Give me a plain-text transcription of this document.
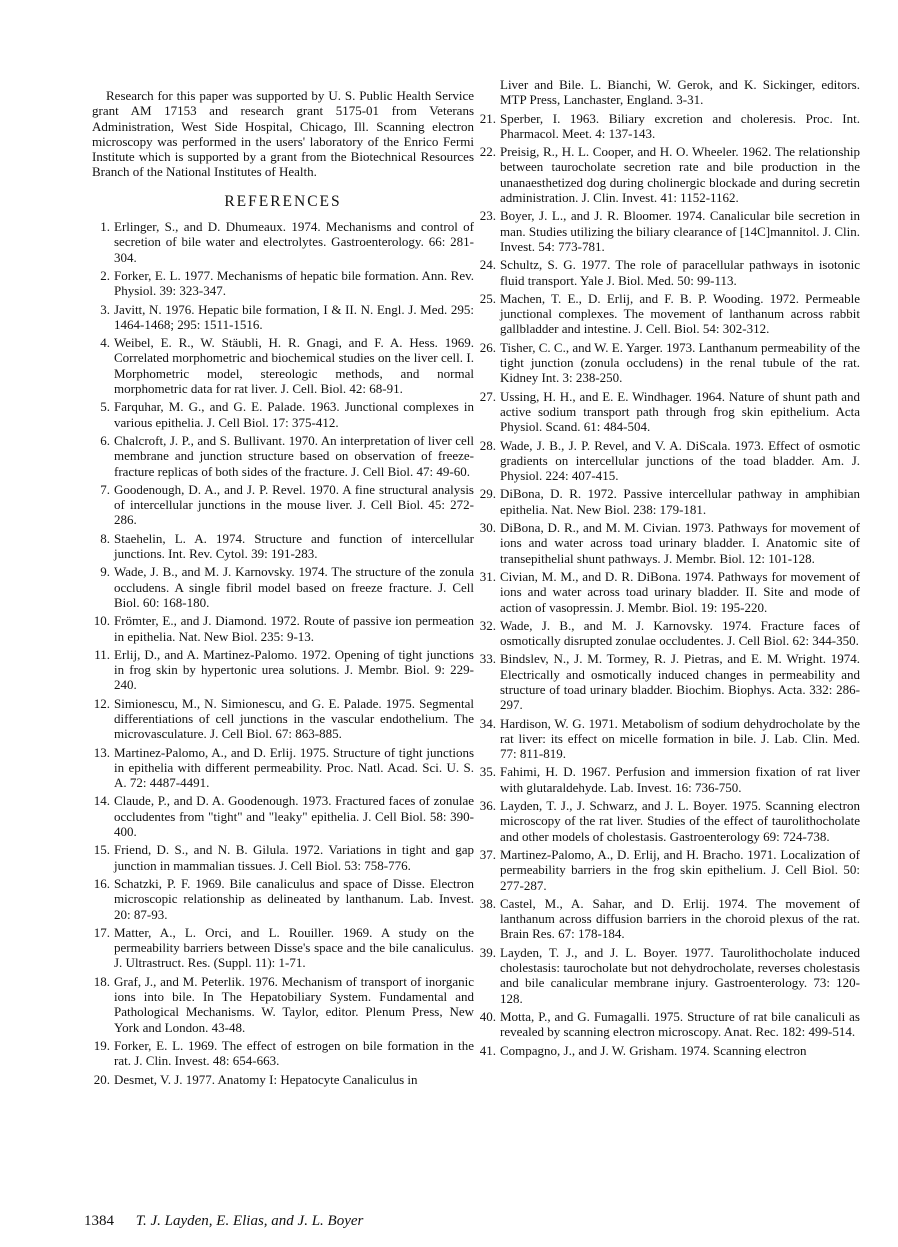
Research for this paper was supported by U. S. Public Health Service grant AM 17153 and research grant 5175-01 from Veterans Administration, West Side Hospital, Chicago, Ill. Scanning electron microscopy was performed in the users' laboratory of the Enrico Fermi Institute which is supported by a grant from the Biotechnical Resources Branch of the National Institutes of Health.

REFERENCES
1. Erlinger, S., and D. Dhumeaux. 1974. Mechanisms and control of secretion of bile water and electrolytes. Gastroenterology. 66: 281-304.
2. Forker, E. L. 1977. Mechanisms of hepatic bile formation. Ann. Rev. Physiol. 39: 323-347.
3. Javitt, N. 1976. Hepatic bile formation, I & II. N. Engl. J. Med. 295: 1464-1468; 295: 1511-1516.
4. Weibel, E. R., W. Stäubli, H. R. Gnagi, and F. A. Hess. 1969. Correlated morphometric and biochemical studies on the liver cell. I. Morphometric model, stereologic methods, and normal morphometric data for rat liver. J. Cell. Biol. 42: 68-91.
5. Farquhar, M. G., and G. E. Palade. 1963. Junctional complexes in various epithelia. J. Cell Biol. 17: 375-412.
6. Chalcroft, J. P., and S. Bullivant. 1970. An interpretation of liver cell membrane and junction structure based on observation of freeze-fracture replicas of both sides of the fracture. J. Cell Biol. 47: 49-60.
7. Goodenough, D. A., and J. P. Revel. 1970. A fine structural analysis of intercellular junctions in the mouse liver. J. Cell Biol. 45: 272-286.
8. Staehelin, L. A. 1974. Structure and function of intercellular junctions. Int. Rev. Cytol. 39: 191-283.
9. Wade, J. B., and M. J. Karnovsky. 1974. The structure of the zonula occludens. A single fibril model based on freeze fracture. J. Cell Biol. 60: 168-180.
10. Frömter, E., and J. Diamond. 1972. Route of passive ion permeation in epithelia. Nat. New Biol. 235: 9-13.
11. Erlij, D., and A. Martinez-Palomo. 1972. Opening of tight junctions in frog skin by hypertonic urea solutions. J. Membr. Biol. 9: 229-240.
12. Simionescu, M., N. Simionescu, and G. E. Palade. 1975. Segmental differentiations of cell junctions in the vascular endothelium. The microvasculature. J. Cell Biol. 67: 863-885.
13. Martinez-Palomo, A., and D. Erlij. 1975. Structure of tight junctions in epithelia with different permeability. Proc. Natl. Acad. Sci. U. S. A. 72: 4487-4491.
14. Claude, P., and D. A. Goodenough. 1973. Fractured faces of zonulae occludentes from "tight" and "leaky" epithelia. J. Cell Biol. 58: 390-400.
15. Friend, D. S., and N. B. Gilula. 1972. Variations in tight and gap junction in mammalian tissues. J. Cell Biol. 53: 758-776.
16. Schatzki, P. F. 1969. Bile canaliculus and space of Disse. Electron microscopic relationship as delineated by lanthanum. Lab. Invest. 20: 87-93.
17. Matter, A., L. Orci, and L. Rouiller. 1969. A study on the permeability barriers between Disse's space and the bile canaliculus. J. Ultrastruct. Res. (Suppl. 11): 1-71.
18. Graf, J., and M. Peterlik. 1976. Mechanism of transport of inorganic ions into bile. In The Hepatobiliary System. Fundamental and Pathological Mechanisms. W. Taylor, editor. Plenum Press, New York and London. 43-48.
19. Forker, E. L. 1969. The effect of estrogen on bile formation in the rat. J. Clin. Invest. 48: 654-663.
20. Desmet, V. J. 1977. Anatomy I: Hepatocyte Canaliculus in

Liver and Bile. L. Bianchi, W. Gerok, and K. Sickinger, editors. MTP Press, Lanchaster, England. 3-31.

21. Sperber, I. 1963. Biliary excretion and choleresis. Proc. Int. Pharmacol. Meet. 4: 137-143.
22. Preisig, R., H. L. Cooper, and H. O. Wheeler. 1962. The relationship between taurocholate secretion rate and bile production in the unanaesthetized dog during cholinergic blockade and during secretin administration. J. Clin. Invest. 41: 1152-1162.
23. Boyer, J. L., and J. R. Bloomer. 1974. Canalicular bile secretion in man. Studies utilizing the biliary clearance of [14C]mannitol. J. Clin. Invest. 54: 773-781.
24. Schultz, S. G. 1977. The role of paracellular pathways in isotonic fluid transport. Yale J. Biol. Med. 50: 99-113.
25. Machen, T. E., D. Erlij, and F. B. P. Wooding. 1972. Permeable junctional complexes. The movement of lanthanum across rabbit gallbladder and intestine. J. Cell. Biol. 54: 302-312.
26. Tisher, C. C., and W. E. Yarger. 1973. Lanthanum permeability of the tight junction (zonula occludens) in the renal tubule of the rat. Kidney Int. 3: 238-250.
27. Ussing, H. H., and E. E. Windhager. 1964. Nature of shunt path and active sodium transport path through frog skin epithelium. Acta Physiol. Scand. 61: 484-504.
28. Wade, J. B., J. P. Revel, and V. A. DiScala. 1973. Effect of osmotic gradients on intercellular junctions of the toad bladder. Am. J. Physiol. 224: 407-415.
29. DiBona, D. R. 1972. Passive intercellular pathway in amphibian epithelia. Nat. New Biol. 238: 179-181.
30. DiBona, D. R., and M. M. Civian. 1973. Pathways for movement of ions and water across toad urinary bladder. I. Anatomic site of transepithelial shunt pathways. J. Membr. Biol. 12: 101-128.
31. Civian, M. M., and D. R. DiBona. 1974. Pathways for movement of ions and water across toad urinary bladder. II. Site and mode of action of vasopressin. J. Membr. Biol. 19: 195-220.
32. Wade, J. B., and M. J. Karnovsky. 1974. Fracture faces of osmotically disrupted zonulae occludentes. J. Cell Biol. 62: 344-350.
33. Bindslev, N., J. M. Tormey, R. J. Pietras, and E. M. Wright. 1974. Electrically and osmotically induced changes in permeability and structure of toad urinary bladder. Biochim. Biophys. Acta. 332: 286-297.
34. Hardison, W. G. 1971. Metabolism of sodium dehydrocholate by the rat liver: its effect on micelle formation in bile. J. Lab. Clin. Med. 77: 811-819.
35. Fahimi, H. D. 1967. Perfusion and immersion fixation of rat liver with glutaraldehyde. Lab. Invest. 16: 736-750.
36. Layden, T. J., J. Schwarz, and J. L. Boyer. 1975. Scanning electron microscopy of the rat liver. Studies of the effect of taurolithocholate and other models of cholestasis. Gastroenterology 69: 724-738.
37. Martinez-Palomo, A., D. Erlij, and H. Bracho. 1971. Localization of permeability barriers in the frog skin epithelium. J. Cell Biol. 50: 277-287.
38. Castel, M., A. Sahar, and D. Erlij. 1974. The movement of lanthanum across diffusion barriers in the choroid plexus of the rat. Brain Res. 67: 178-184.
39. Layden, T. J., and J. L. Boyer. 1977. Taurolithocholate induced cholestasis: taurocholate but not dehydrocholate, reverses cholestasis and bile canalicular membrane injury. Gastroenterology. 73: 120-128.
40. Motta, P., and G. Fumagalli. 1975. Structure of rat bile canaliculi as revealed by scanning electron microscopy. Anat. Rec. 182: 499-514.
41. Compagno, J., and J. W. Grisham. 1974. Scanning electron
1384 T. J. Layden, E. Elias, and J. L. Boyer
